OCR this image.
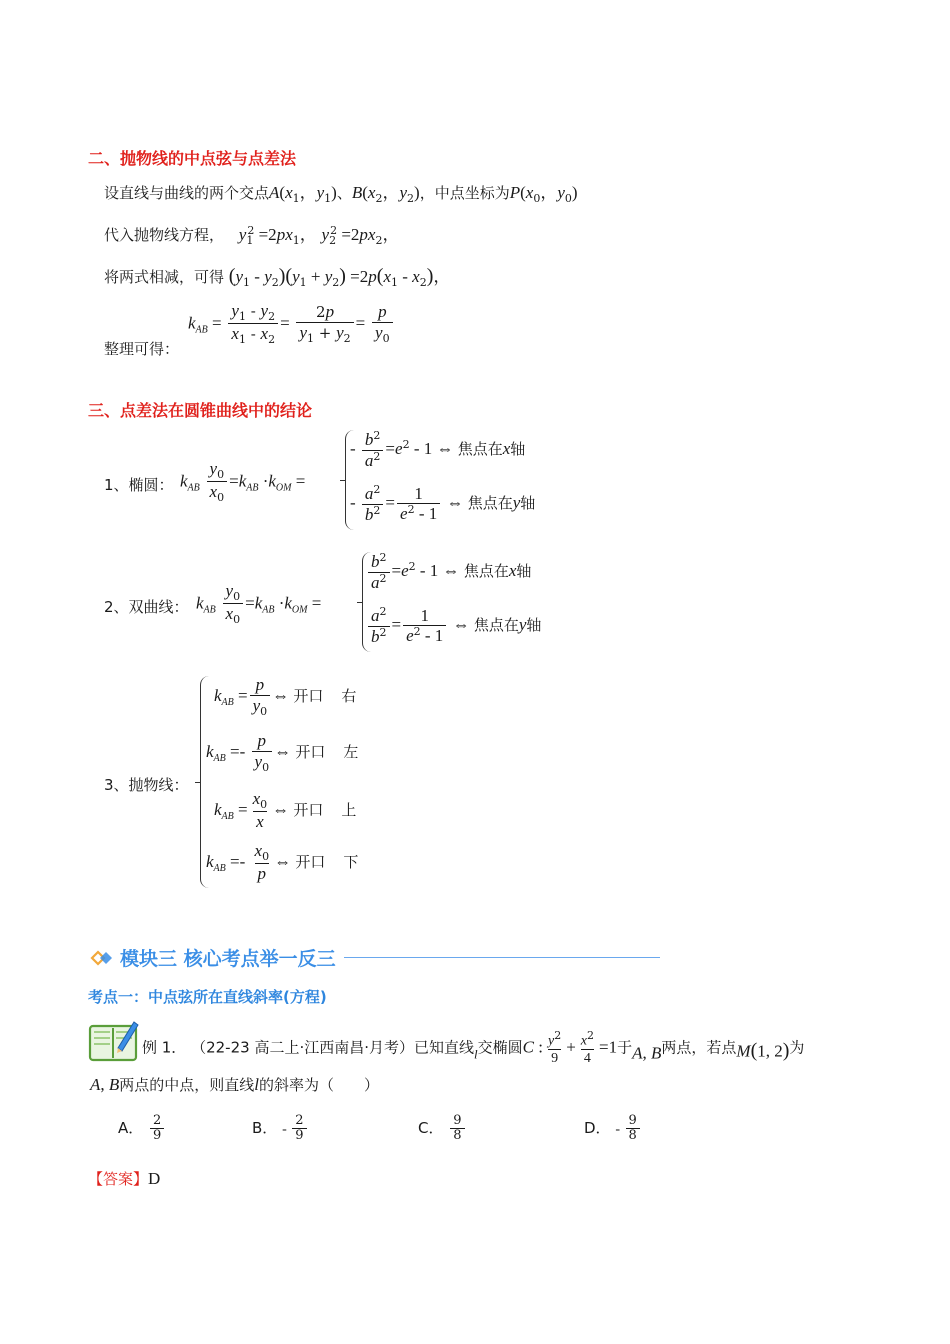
二、抛物线的中点弦与点差法
设直线与曲线的两个交点$A(x_1$，$y_1$)、$B(x_2$，$y_2$)，中点坐标为$P(x_0$，$y_0$)
代入抛物线方程， $y_1^2 =2px_1$， $y_2^2 =2px_2$，
将两式相减，可得 $(y_1 - y_2)(y_1 + y_2) =2p(x_1 - x_2)$，
$k_{AB} = \frac{y_1 - y_2}{x_1 - x_2} = \frac{2p}{y_1 + y_2} = \frac{p}{y_0}$
整理可得：
三、点差法在圆锥曲线中的结论
1、椭圆： $k_{AB} \frac{y_0}{x_0} =k_{AB} \cdot k_{OM}$ =
- $\frac{b^2}{a^2} =e^2 - 1$ ⇔ 焦点在x轴
- $\frac{a^2}{b^2} = \frac{1}{e^2 - 1}$ ⇔ 焦点在y轴
2、双曲线： $k_{AB} \frac{y_0}{x_0} =k_{AB} \cdot k_{OM}$ =
$\frac{b^2}{a^2} =e^2 - 1$ ⇔ 焦点在x轴
$\frac{a^2}{b^2} = \frac{1}{e^2 - 1}$ ⇔ 焦点在y轴
3、抛物线：
$k_{AB} = \frac{p}{y_0}$ ⇔ 开口 右
$k_{AB} =- \frac{p}{y_0}$ ⇔ 开口 左
$k_{AB} = \frac{x_0}{x}$ ⇔ 开口 上
$k_{AB} =- \frac{x_0}{p}$ ⇔ 开口 下
模块三 核心考点举一反三
考点一：中点弦所在直线斜率(方程)
例 1． （22-23 高二上·江西南昌·月考）已知直线l交椭圆C : $\frac{y^2}{9} + \frac{x^2}{4} =1$于A, B两点，若点M(1, 2)为
A, B两点的中点，则直线l的斜率为（　　）
A． $\frac{2}{9}$	B． - $\frac{2}{9}$	C． $\frac{9}{8}$	D． - $\frac{9}{8}$
【答案】D
